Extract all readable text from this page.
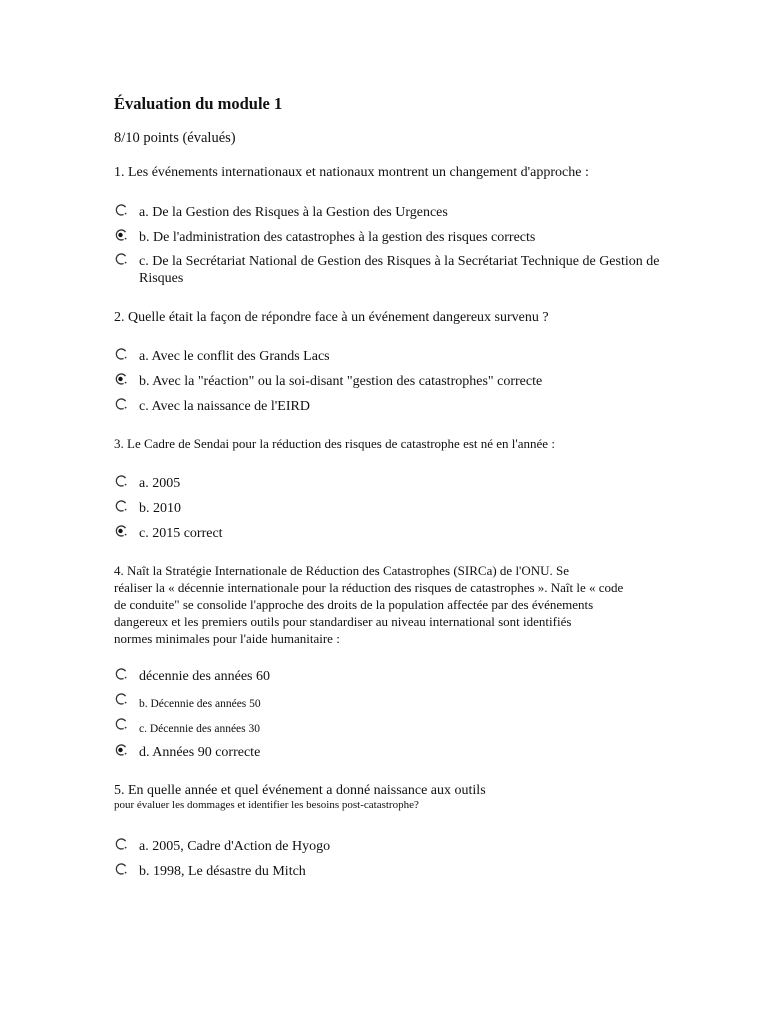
Évaluation du module 1
8/10 points (évalués)
1. Les événements internationaux et nationaux montrent un changement d'approche :
a. De la Gestion des Risques à la Gestion des Urgences
b. De l'administration des catastrophes à la gestion des risques corrects
c. De la Secrétariat National de Gestion des Risques à la Secrétariat Technique de Gestion de Risques
2. Quelle était la façon de répondre face à un événement dangereux survenu ?
a. Avec le conflit des Grands Lacs
b. Avec la "réaction" ou la soi-disant "gestion des catastrophes" correcte
c. Avec la naissance de l'EIRD
3. Le Cadre de Sendai pour la réduction des risques de catastrophe est né en l'année :
a. 2005
b. 2010
c. 2015 correct
4. Naît la Stratégie Internationale de Réduction des Catastrophes (SIRCa) de l'ONU. Se
réaliser la « décennie internationale pour la réduction des risques de catastrophes ». Naît le « code
de conduite" se consolide l'approche des droits de la population affectée par des événements
dangereux et les premiers outils pour standardiser au niveau international sont identifiés
normes minimales pour l'aide humanitaire :
décennie des années 60
b. Décennie des années 50
c. Décennie des années 30
d. Années 90 correcte
5. En quelle année et quel événement a donné naissance aux outils
pour évaluer les dommages et identifier les besoins post-catastrophe?
a. 2005, Cadre d'Action de Hyogo
b. 1998, Le désastre du Mitch
